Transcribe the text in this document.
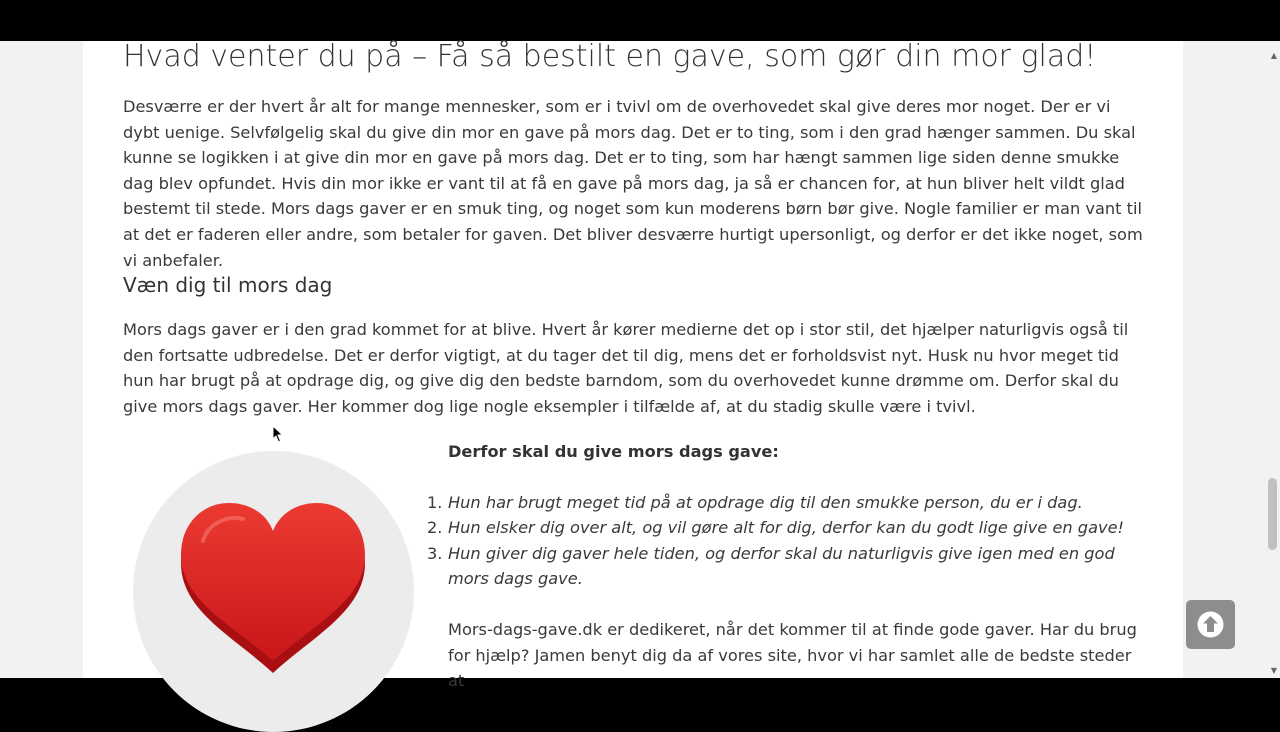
Hvad venter du på – Få så bestilt en gave, som gør din mor glad!

Desværre er der hvert år alt for mange mennesker, som er i tvivl om de overhovedet skal give deres mor noget. Der er vi dybt uenige. Selvfølgelig skal du give din mor en gave på mors dag. Det er to ting, som i den grad hænger sammen. Du skal kunne se logikken i at give din mor en gave på mors dag. Det er to ting, som har hængt sammen lige siden denne smukke dag blev opfundet. Hvis din mor ikke er vant til at få en gave på mors dag, ja så er chancen for, at hun bliver helt vildt glad bestemt til stede. Mors dags gaver er en smuk ting, og noget som kun moderens børn bør give. Nogle familier er man vant til at det er faderen eller andre, som betaler for gaven. Det bliver desværre hurtigt upersonligt, og derfor er det ikke noget, som vi anbefaler.

Væn dig til mors dag

Mors dags gaver er i den grad kommet for at blive. Hvert år kører medierne det op i stor stil, det hjælper naturligvis også til den fortsatte udbredelse. Det er derfor vigtigt, at du tager det til dig, mens det er forholdsvist nyt. Husk nu hvor meget tid hun har brugt på at opdrage dig, og give dig den bedste barndom, som du overhovedet kunne drømme om. Derfor skal du give mors dags gaver. Her kommer dog lige nogle eksempler i tilfælde af, at du stadig skulle være i tvivl.

Derfor skal du give mors dags gave:

1. Hun har brugt meget tid på at opdrage dig til den smukke person, du er i dag.
2. Hun elsker dig over alt, og vil gøre alt for dig, derfor kan du godt lige give en gave!
3. Hun giver dig gaver hele tiden, og derfor skal du naturligvis give igen med en god mors dags gave.

Mors-dags-gave.dk er dedikeret, når det kommer til at finde gode gaver. Har du brug for hjælp? Jamen benyt dig da af vores site, hvor vi har samlet alle de bedste steder at

▲
▼
